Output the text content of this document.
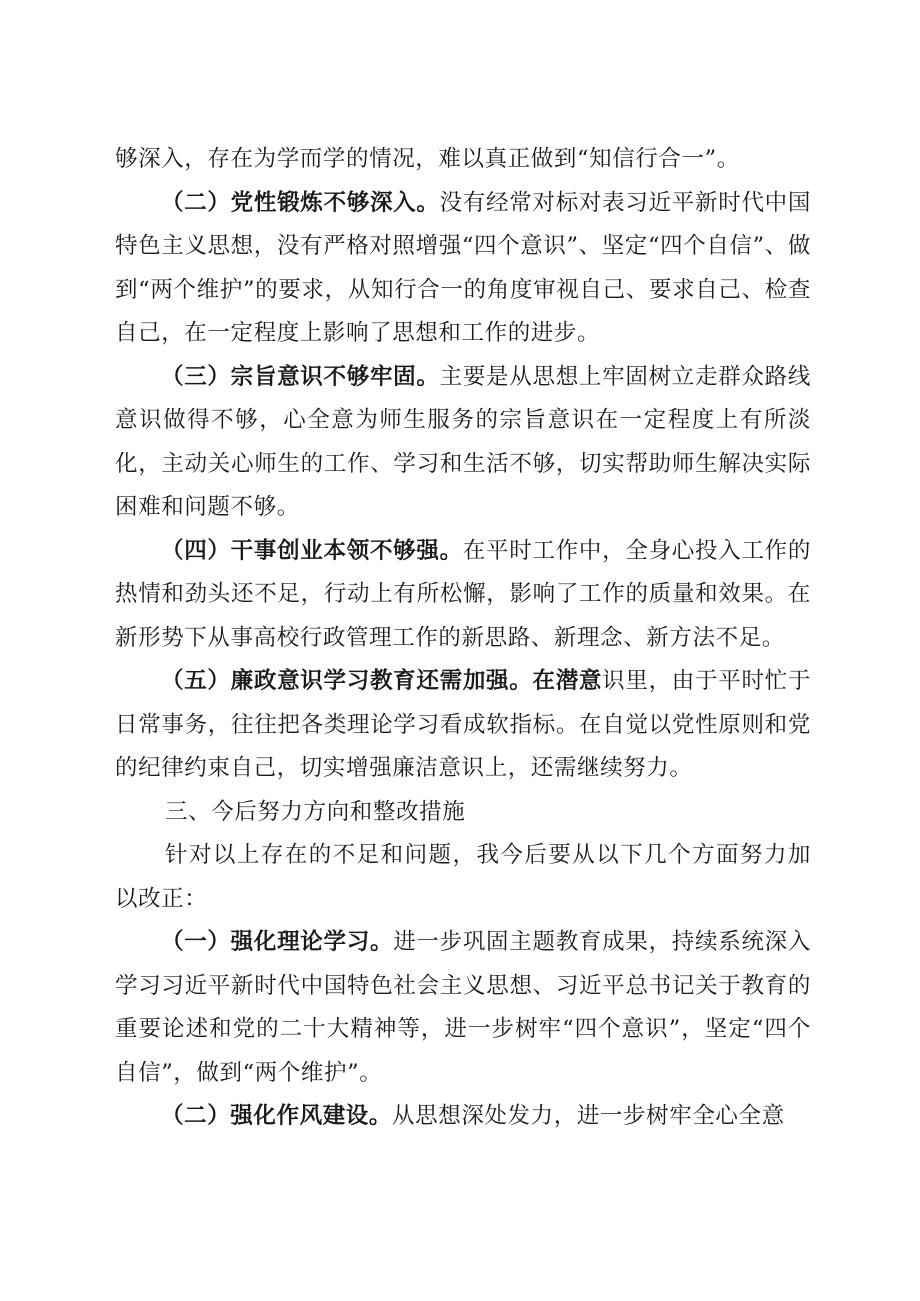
够深入，存在为学而学的情况，难以真正做到“知信行合一”。

（二）党性锻炼不够深入。没有经常对标对表习近平新时代中国特色主义思想，没有严格对照增强“四个意识”、坚定“四个自信”、做到“两个维护”的要求，从知行合一的角度审视自己、要求自己、检查自己，在一定程度上影响了思想和工作的进步。

（三）宗旨意识不够牢固。主要是从思想上牢固树立走群众路线意识做得不够，心全意为师生服务的宗旨意识在一定程度上有所淡化，主动关心师生的工作、学习和生活不够，切实帮助师生解决实际困难和问题不够。

（四）干事创业本领不够强。在平时工作中，全身心投入工作的热情和劲头还不足，行动上有所松懈，影响了工作的质量和效果。在新形势下从事高校行政管理工作的新思路、新理念、新方法不足。

（五）廉政意识学习教育还需加强。在潜意识里，由于平时忙于日常事务，往往把各类理论学习看成软指标。在自觉以党性原则和党的纪律约束自己，切实增强廉洁意识上，还需继续努力。

三、今后努力方向和整改措施

针对以上存在的不足和问题，我今后要从以下几个方面努力加以改正：

（一）强化理论学习。进一步巩固主题教育成果，持续系统深入学习习近平新时代中国特色社会主义思想、习近平总书记关于教育的重要论述和党的二十大精神等，进一步树牢“四个意识”，坚定“四个自信”，做到“两个维护”。

（二）强化作风建设。从思想深处发力，进一步树牢全心全意
